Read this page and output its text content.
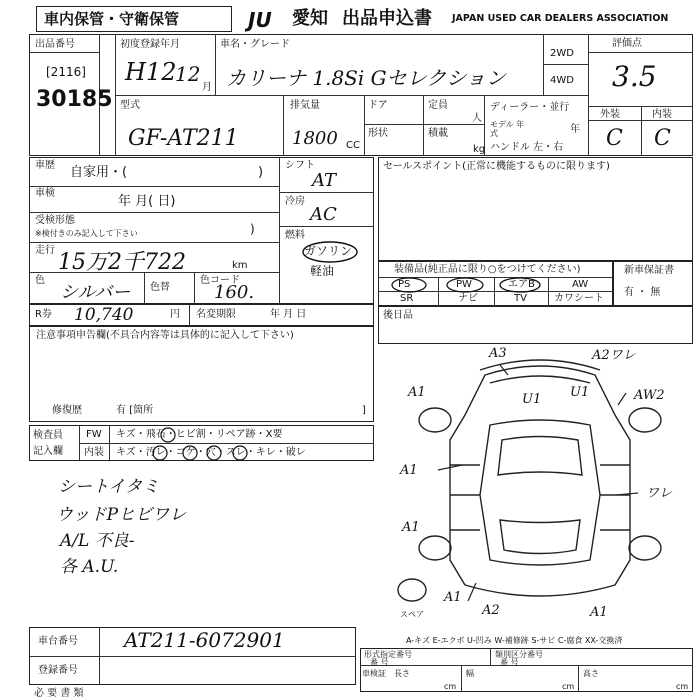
車内保管・守衛保管	JU 愛知 出品申込書 JAPAN USED CAR DEALERS ASSOCIATION
出品番号
[2116]
30185
初度登録年月
H12
12
月
車名・グレード
カリーナ 1.8Si Gセレクション
2WD
4WD
評価点
3.5
型式
GF-AT211
排気量
1800 CC
ドア	定員
人
形状	積載
kg
ディーラー・並行
モデル 年式	年
ハンドル 左・右
外装	内装
C C
車歴 自家用・(	)
車検
年 月( 日)
受検形態
※検付きのみ記入して下さい	)
走行 15万2千722	km
色
シルバー 色替
色コード
160.
シフト
AT
冷房
AC
燃料
ガソリン
軽油
R券 10,740	円 名変期限	年 月 日
セールスポイント(正常に機能するものに限ります)
装備品(純正品に限り○をつけてください)
PS	PW	エアB	AW
SR	ナビ	TV	カワシート
新車保証書
有 ・ 無
後日品
注意事項申告欄(不具合内容等は具体的に記入して下さい)
修復歴	有 [箇所	]
検査員
記入欄
FW キズ・飛石・ヒビ割・リペア跡・X要
内装 キズ・汚レ・コゲ・穴・スレ・キレ・破レ
シートイタミ
ウッドPヒビワレ
A/L 不良-
各 A.U.
A3	A2ワレ
A1	U1 U1	AW2
A1
A1
ワレ
A1
A2	A1
スペア
A-キズ E-エクボ U-凹み W-補修跡 S-サビ C-腐食 XX-交換済
車台番号 AT211-6072901
登録番号
形式指定番号
番 号
類別区分番号
番 号
車検証 長さ
cm
幅
cm
高さ
cm
必 要 書 類
